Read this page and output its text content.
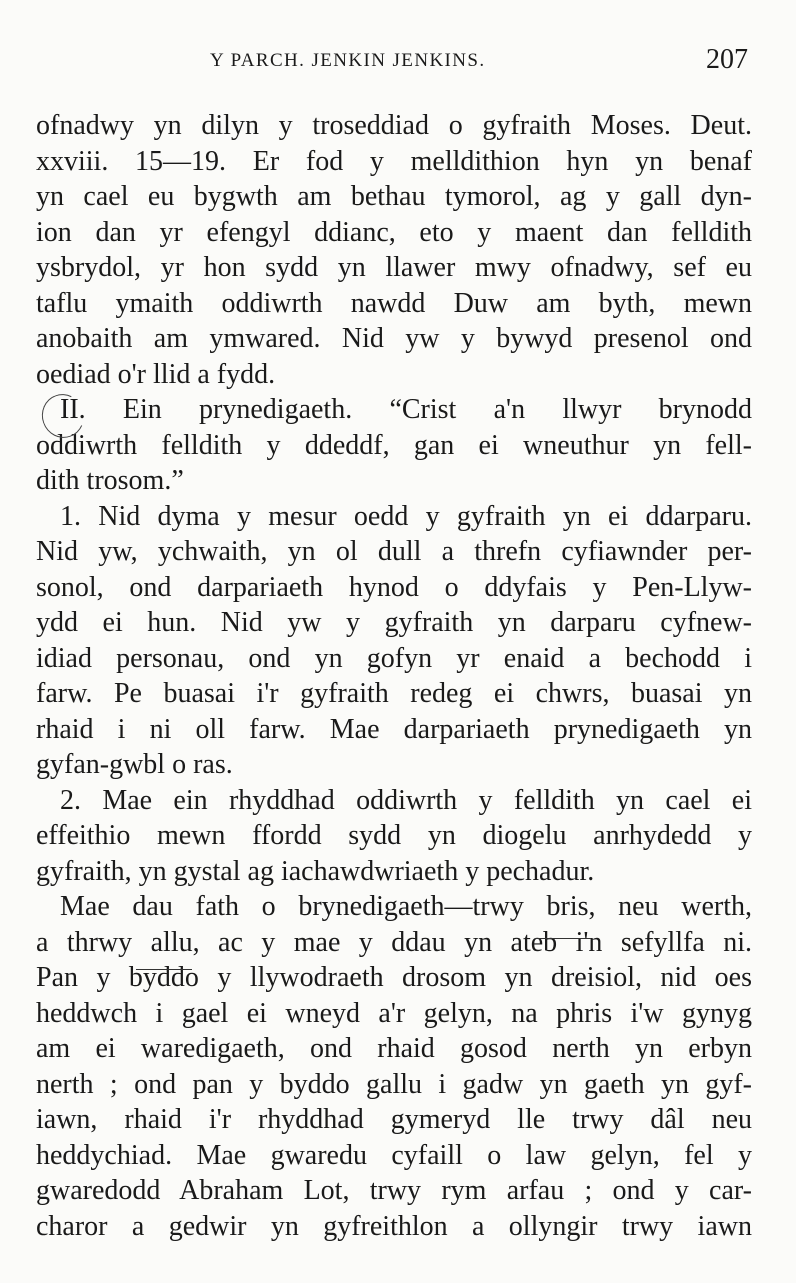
Y PARCH. JENKIN JENKINS.	207
ofnadwy yn dilyn y troseddiad o gyfraith Moses. Deut.
xxviii. 15—19. Er fod y melldithion hyn yn benaf
yn cael eu bygwth am bethau tymorol, ag y gall dyn-
ion dan yr efengyl ddianc, eto y maent dan felldith
ysbrydol, yr hon sydd yn llawer mwy ofnadwy, sef eu
taflu ymaith oddiwrth nawdd Duw am byth, mewn
anobaith am ymwared. Nid yw y bywyd presenol ond
oediad o'r llid a fydd.
II. Ein prynedigaeth. “Crist a'n llwyr brynodd
oddiwrth felldith y ddeddf, gan ei wneuthur yn fell-
dith trosom.”
1. Nid dyma y mesur oedd y gyfraith yn ei ddarparu.
Nid yw, ychwaith, yn ol dull a threfn cyfiawnder per-
sonol, ond darpariaeth hynod o ddyfais y Pen-Llyw-
ydd ei hun. Nid yw y gyfraith yn darparu cyfnew-
idiad personau, ond yn gofyn yr enaid a bechodd i
farw. Pe buasai i'r gyfraith redeg ei chwrs, buasai yn
rhaid i ni oll farw. Mae darpariaeth prynedigaeth yn
gyfan-gwbl o ras.
2. Mae ein rhyddhad oddiwrth y felldith yn cael ei
effeithio mewn ffordd sydd yn diogelu anrhydedd y
gyfraith, yn gystal ag iachawdwriaeth y pechadur.
Mae dau fath o brynedigaeth—trwy bris, neu werth,
a thrwy allu, ac y mae y ddau yn ateb i'n sefyllfa ni.
Pan y byddo y llywodraeth drosom yn dreisiol, nid oes
heddwch i gael ei wneyd a'r gelyn, na phris i'w gynyg
am ei waredigaeth, ond rhaid gosod nerth yn erbyn
nerth ; ond pan y byddo gallu i gadw yn gaeth yn gyf-
iawn, rhaid i'r rhyddhad gymeryd lle trwy dâl neu
heddychiad. Mae gwaredu cyfaill o law gelyn, fel y
gwaredodd Abraham Lot, trwy rym arfau ; ond y car-
charor a gedwir yn gyfreithlon a ollyngir trwy iawn
